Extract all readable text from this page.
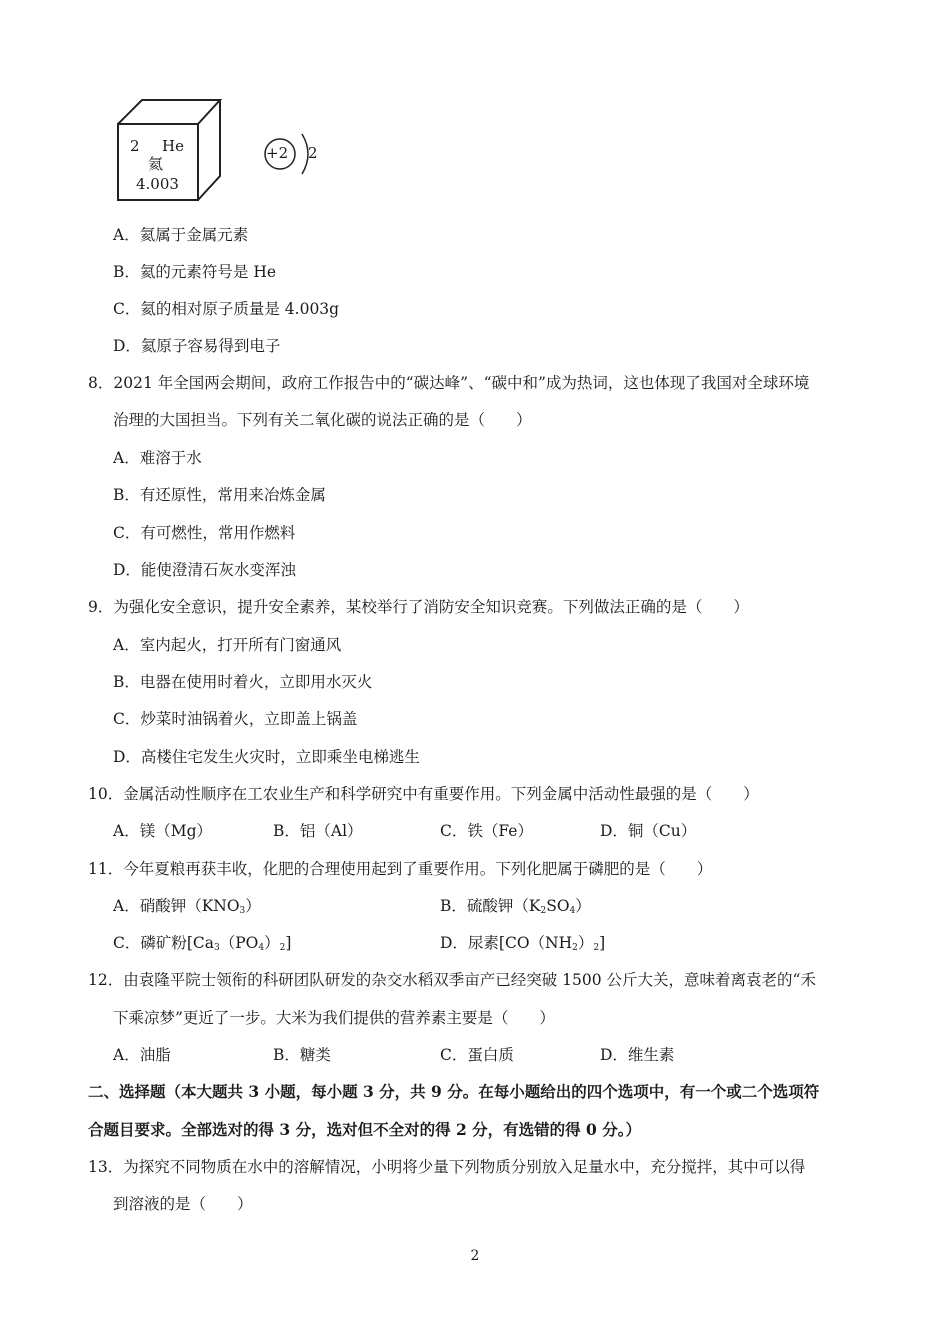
2 He
氦
4.003
+2 2
A．氦属于金属元素
B．氦的元素符号是 He
C．氦的相对原子质量是 4.003g
D．氦原子容易得到电子
8．2021 年全国两会期间，政府工作报告中的“碳达峰”、“碳中和”成为热词，这也体现了我国对全球环境
治理的大国担当。下列有关二氧化碳的说法正确的是（　　）
A．难溶于水
B．有还原性，常用来冶炼金属
C．有可燃性，常用作燃料
D．能使澄清石灰水变浑浊
9．为强化安全意识，提升安全素养，某校举行了消防安全知识竞赛。下列做法正确的是（　　）
A．室内起火，打开所有门窗通风
B．电器在使用时着火，立即用水灭火
C．炒菜时油锅着火，立即盖上锅盖
D．高楼住宅发生火灾时，立即乘坐电梯逃生
10．金属活动性顺序在工农业生产和科学研究中有重要作用。下列金属中活动性最强的是（　　）
A．镁（Mg）	B．铝（Al）	C．铁（Fe）	D．铜（Cu）
11．今年夏粮再获丰收，化肥的合理使用起到了重要作用。下列化肥属于磷肥的是（　　）
A．硝酸钾$(KNO_3)$	B．硫酸钾$(K_2SO_4)$
C．磷矿粉$[Ca_3(PO_4)_2]$	D．尿素$[CO(NH_2)_2]$
12．由袁隆平院士领衔的科研团队研发的杂交水稻双季亩产已经突破 1500 公斤大关，意味着离袁老的“禾
下乘凉梦”更近了一步。大米为我们提供的营养素主要是（　　）
A．油脂	B．糖类	C．蛋白质	D．维生素
二、选择题（本大题共 3 小题，每小题 3 分，共 9 分。在每小题给出的四个选项中，有一个或二个选项符
合题目要求。全部选对的得 3 分，选对但不全对的得 2 分，有选错的得 0 分。）
13．为探究不同物质在水中的溶解情况，小明将少量下列物质分别放入足量水中，充分搅拌，其中可以得
到溶液的是（　　）
2
